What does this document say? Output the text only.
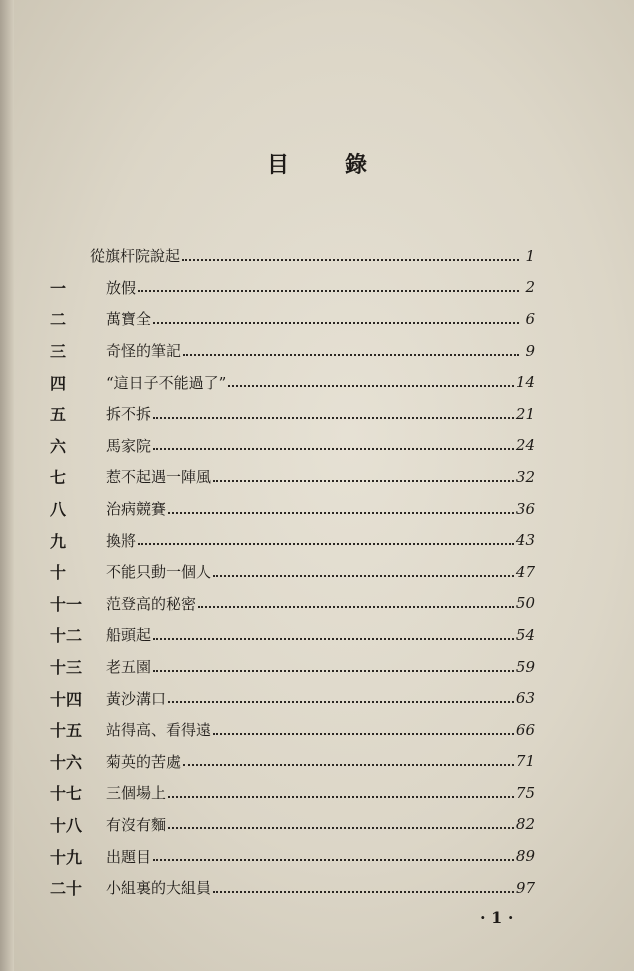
目錄
從旗杆院說起	1
一	放假	2
二	萬寶全	6
三	奇怪的筆記	9
四	“這日子不能過了”	14
五	拆不拆	21
六	馬家院	24
七	惹不起遇一陣風	32
八	治病競賽	36
九	換將	43
十	不能只動一個人	47
十一	范登高的秘密	50
十二	船頭起	54
十三	老五園	59
十四	黃沙溝口	63
十五	站得高、看得遠	66
十六	菊英的苦處	71
十七	三個場上	75
十八	有沒有麵	82
十九	出題目	89
二十	小組裏的大組員	97
· 1 ·
